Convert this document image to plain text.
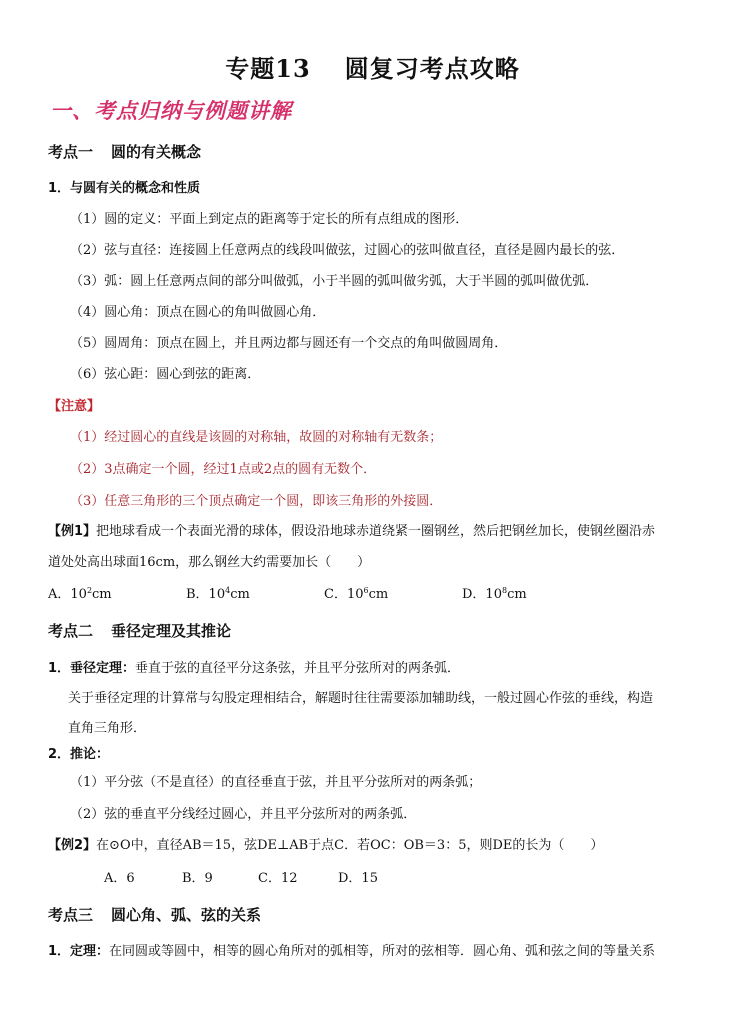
专题13 圆复习考点攻略
一、考点归纳与例题讲解
考点一 圆的有关概念
1．与圆有关的概念和性质
（1）圆的定义：平面上到定点的距离等于定长的所有点组成的图形．
（2）弦与直径：连接圆上任意两点的线段叫做弦，过圆心的弦叫做直径，直径是圆内最长的弦．
（3）弧：圆上任意两点间的部分叫做弧，小于半圆的弧叫做劣弧，大于半圆的弧叫做优弧．
（4）圆心角：顶点在圆心的角叫做圆心角．
（5）圆周角：顶点在圆上，并且两边都与圆还有一个交点的角叫做圆周角．
（6）弦心距：圆心到弦的距离．
【注意】
（1）经过圆心的直线是该圆的对称轴，故圆的对称轴有无数条；
（2）3点确定一个圆，经过1点或2点的圆有无数个．
（3）任意三角形的三个顶点确定一个圆，即该三角形的外接圆．
【例1】把地球看成一个表面光滑的球体，假设沿地球赤道绕紧一圈钢丝，然后把钢丝加长，使钢丝圈沿赤
道处处高出球面16cm，那么钢丝大约需要加长（　　）
A．$10^2cm$	B．$10^4cm$	C．$10^6cm$	D．$10^8cm$
考点二 垂径定理及其推论
1．垂径定理：垂直于弦的直径平分这条弦，并且平分弦所对的两条弧．
关于垂径定理的计算常与勾股定理相结合，解题时往往需要添加辅助线，一般过圆心作弦的垂线，构造
直角三角形．
2．推论：
（1）平分弦（不是直径）的直径垂直于弦，并且平分弦所对的两条弧；
（2）弦的垂直平分线经过圆心，并且平分弦所对的两条弧．
【例2】在⊙O中，直径AB＝15，弦DE⊥AB于点C．若OC：OB＝3：5，则DE的长为（　　）
A．6	B．9	C．12	D．15
考点三 圆心角、弧、弦的关系
1．定理：在同圆或等圆中，相等的圆心角所对的弧相等，所对的弦相等．圆心角、弧和弦之间的等量关系
